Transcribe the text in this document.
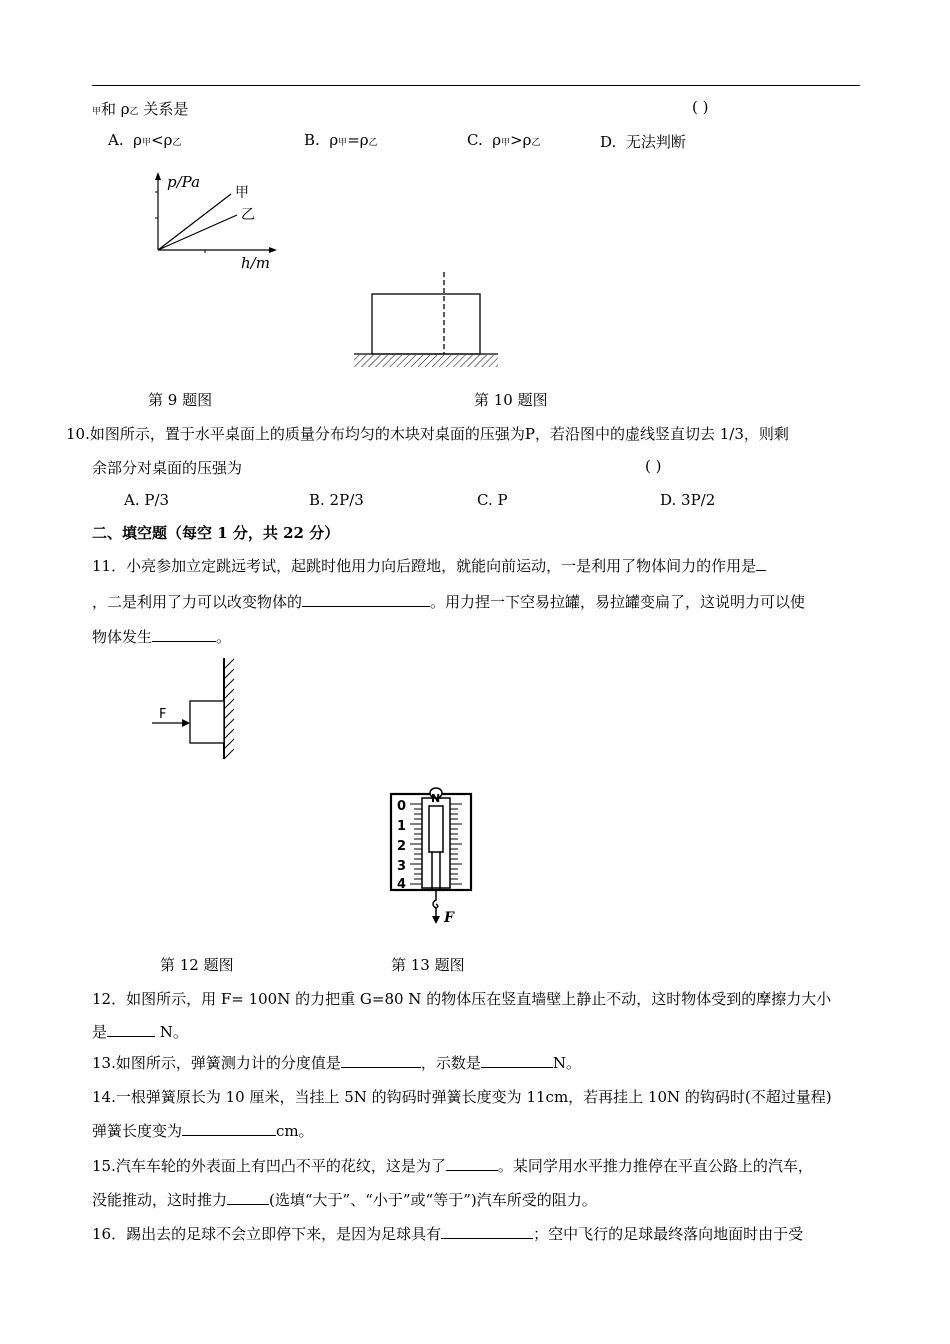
甲和 ρ乙 关系是	( )
A. ρ甲<ρ乙	B. ρ甲=ρ乙	C. ρ甲>ρ乙	D. 无法判断
p/Pa
甲
乙
h/m
第 9 题图	第 10 题图
10.如图所示，置于水平桌面上的质量分布均匀的木块对桌面的压强为P，若沿图中的虚线竖直切去 1/3，则剩
余部分对桌面的压强为	( )
A. P/3	B. 2P/3	C. P	D. 3P/2
二、填空题（每空 1 分，共 22 分）
11．小亮参加立定跳远考试，起跳时他用力向后蹬地，就能向前运动，一是利用了物体间力的作用是
，二是利用了力可以改变物体的	。用力捏一下空易拉罐，易拉罐变扁了，这说明力可以使
物体发生	。
F
0
1
2
3
4
N
F
第 12 题图	第 13 题图
12．如图所示，用 F= 100N 的力把重 G=80 N 的物体压在竖直墙壁上静止不动，这时物体受到的摩擦力大小
是	N。
13.如图所示，弹簧测力计的分度值是	，示数是	N。
14.一根弹簧原长为 10 厘米，当挂上 5N 的钩码时弹簧长度变为 11cm，若再挂上 10N 的钩码时(不超过量程)
弹簧长度变为	cm。
15.汽车车轮的外表面上有凹凸不平的花纹，这是为了	。某同学用水平推力推停在平直公路上的汽车，
没能推动，这时推力	(选填“大于”、“小于”或“等于”)汽车所受的阻力。
16．踢出去的足球不会立即停下来，是因为足球具有	；空中飞行的足球最终落向地面时由于受
